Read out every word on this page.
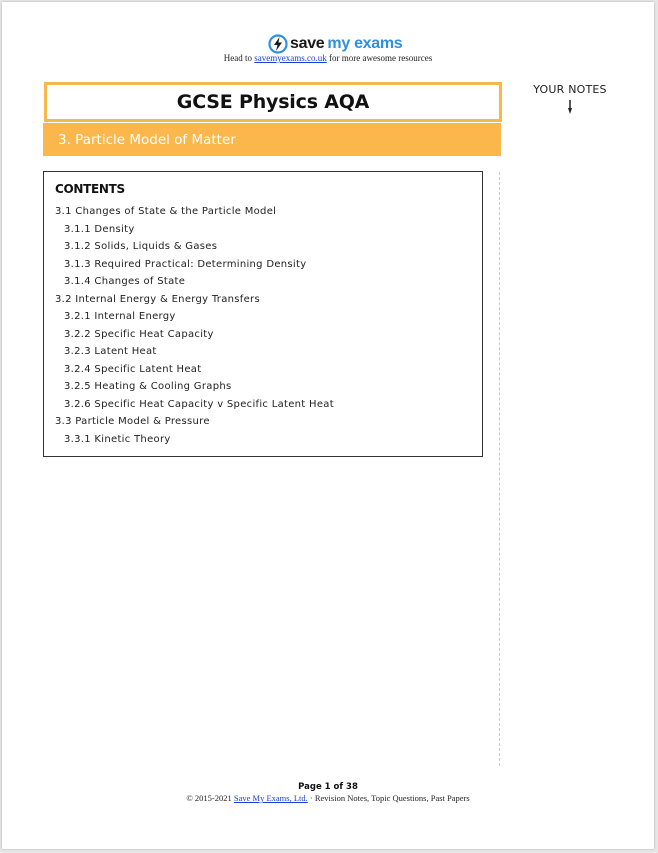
save my exams
Head to savemyexams.co.uk for more awesome resources
GCSE Physics AQA
3. Particle Model of Matter
YOUR NOTES
CONTENTS
3.1 Changes of State & the Particle Model
3.1.1 Density
3.1.2 Solids, Liquids & Gases
3.1.3 Required Practical: Determining Density
3.1.4 Changes of State
3.2 Internal Energy & Energy Transfers
3.2.1 Internal Energy
3.2.2 Specific Heat Capacity
3.2.3 Latent Heat
3.2.4 Specific Latent Heat
3.2.5 Heating & Cooling Graphs
3.2.6 Specific Heat Capacity v Specific Latent Heat
3.3 Particle Model & Pressure
3.3.1 Kinetic Theory
Page 1 of 38
© 2015-2021 Save My Exams, Ltd. · Revision Notes, Topic Questions, Past Papers
